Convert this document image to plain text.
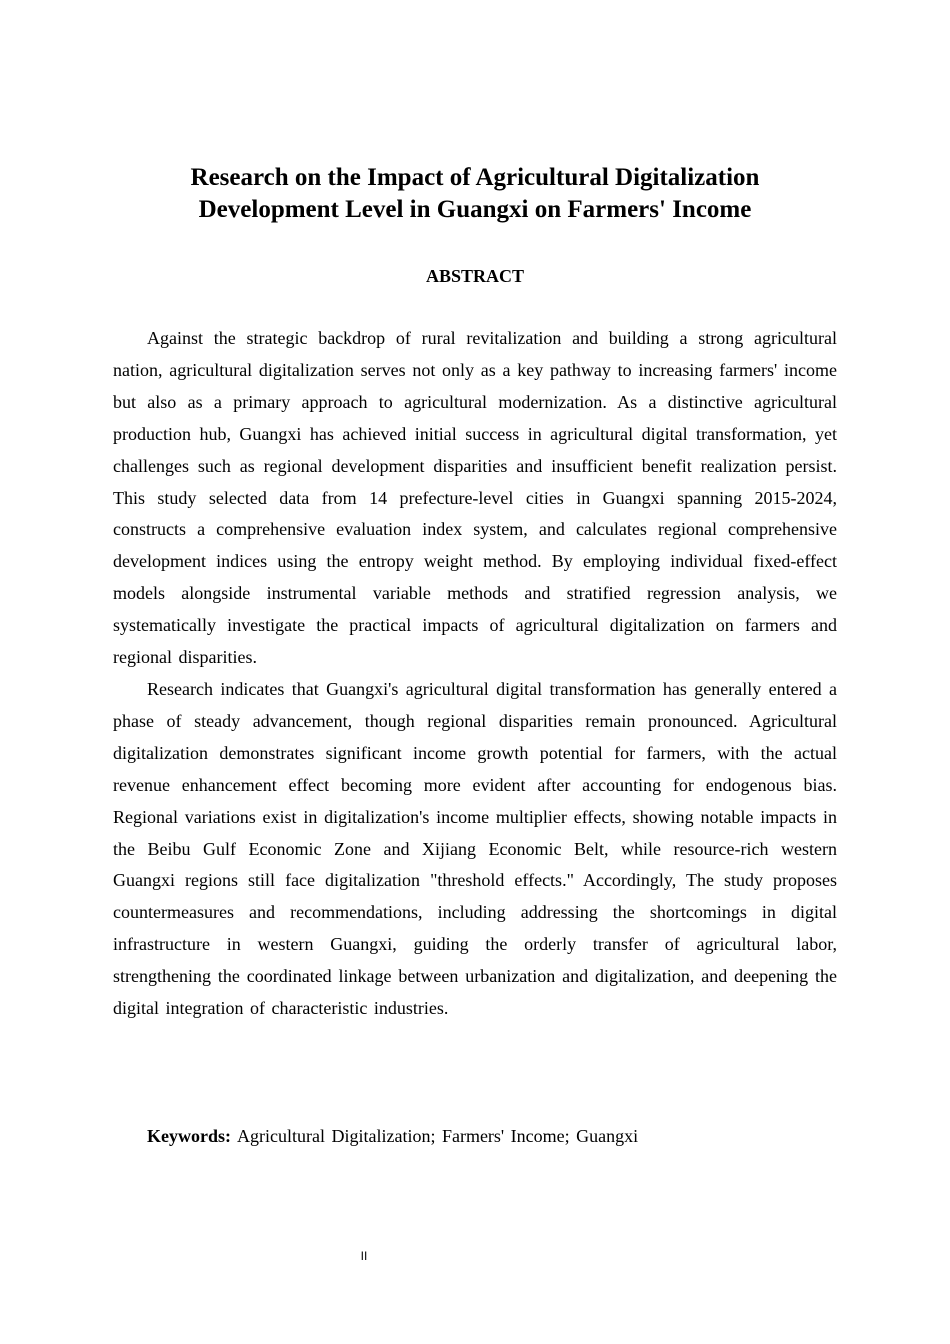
Research on the Impact of Agricultural Digitalization
Development Level in Guangxi on Farmers' Income
ABSTRACT

Against the strategic backdrop of rural revitalization and building a strong agricultural nation, agricultural digitalization serves not only as a key pathway to increasing farmers' income but also as a primary approach to agricultural modernization. As a distinctive agricultural production hub, Guangxi has achieved initial success in agricultural digital transformation, yet challenges such as regional development disparities and insufficient benefit realization persist. This study selected data from 14 prefecture-level cities in Guangxi spanning 2015-2024, constructs a comprehensive evaluation index system, and calculates regional comprehensive development indices using the entropy weight method. By employing individual fixed-effect models alongside instrumental variable methods and stratified regression analysis, we systematically investigate the practical impacts of agricultural digitalization on farmers and regional disparities.

Research indicates that Guangxi's agricultural digital transformation has generally entered a phase of steady advancement, though regional disparities remain pronounced. Agricultural digitalization demonstrates significant income growth potential for farmers, with the actual revenue enhancement effect becoming more evident after accounting for endogenous bias. Regional variations exist in digitalization's income multiplier effects, showing notable impacts in the Beibu Gulf Economic Zone and Xijiang Economic Belt, while resource-rich western Guangxi regions still face digitalization "threshold effects." Accordingly, The study proposes countermeasures and recommendations, including addressing the shortcomings in digital infrastructure in western Guangxi, guiding the orderly transfer of agricultural labor, strengthening the coordinated linkage between urbanization and digitalization, and deepening the digital integration of characteristic industries.

Keywords: Agricultural Digitalization; Farmers' Income; Guangxi
II
